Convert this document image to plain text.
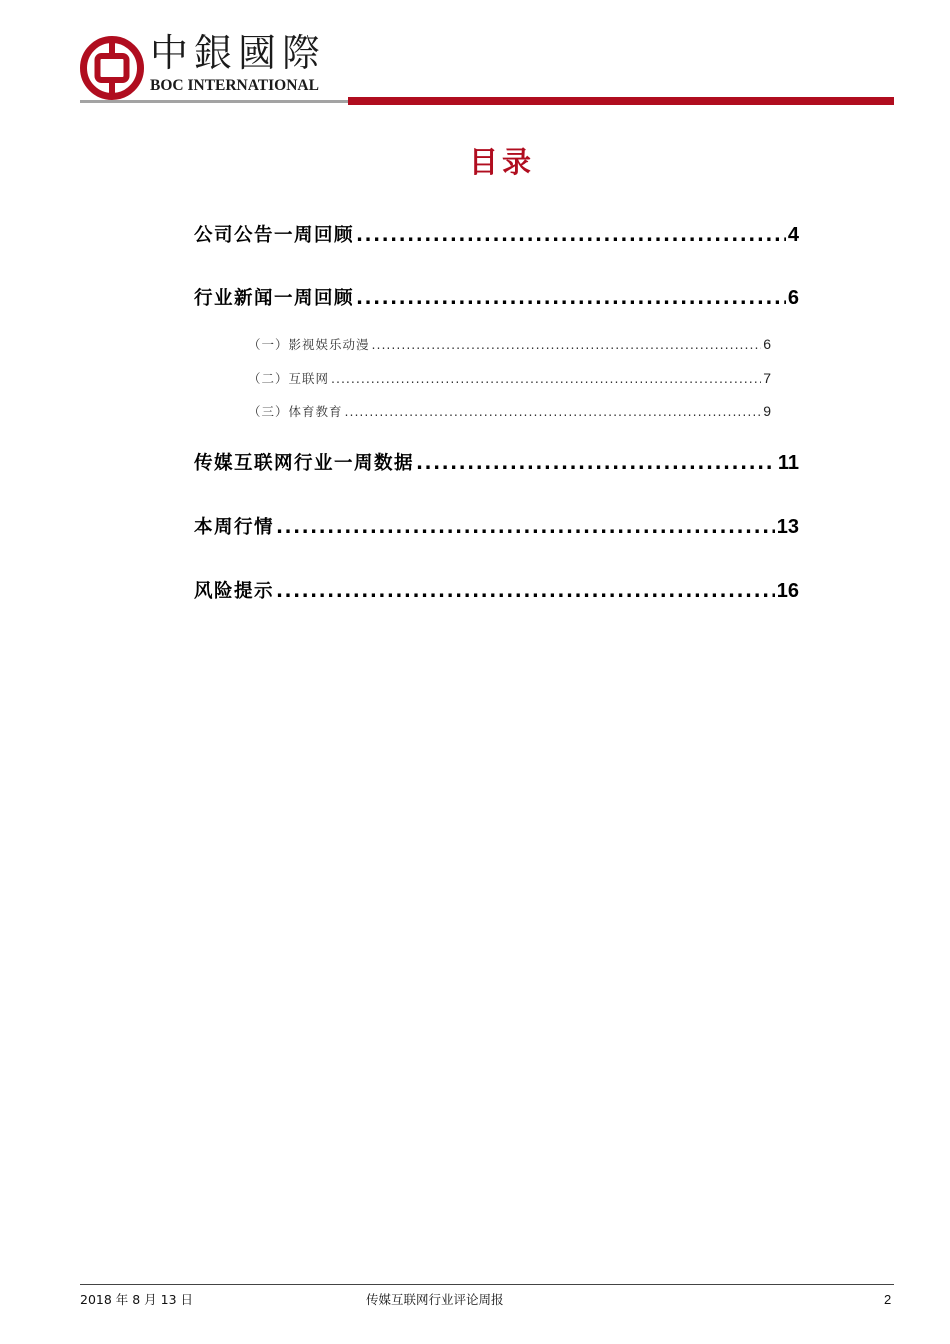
中銀國際
BOC INTERNATIONAL
目录
公司公告一周回顾 .....	4
行业新闻一周回顾 .....	6
（一）影视娱乐动漫 .....	6
（二）互联网 .....	7
（三）体育教育 .....	9
传媒互联网行业一周数据 .....	11
本周行情 .....	13
风险提示 .....	16
2018 年 8 月 13 日	传媒互联网行业评论周报	2
